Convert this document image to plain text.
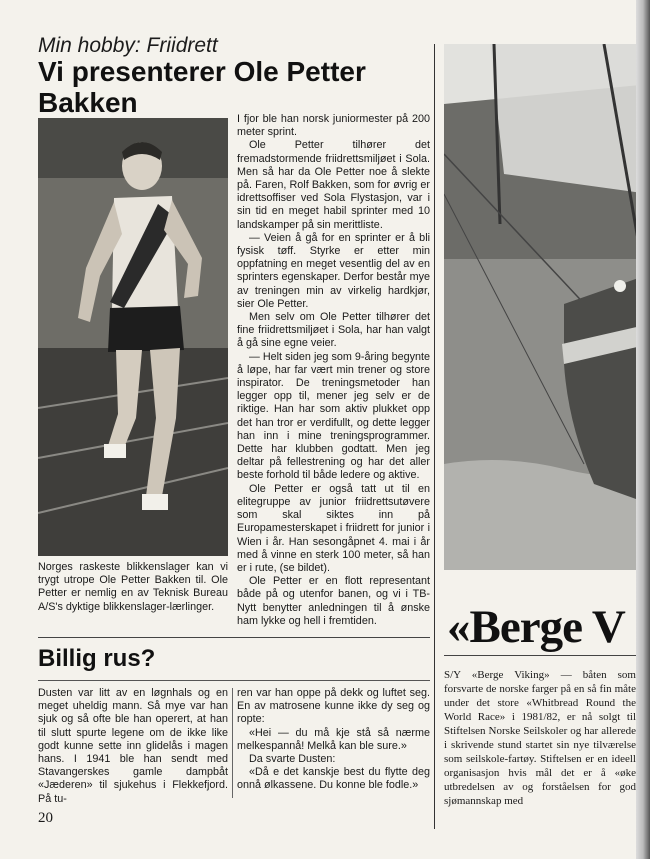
Min hobby: Friidrett
Vi presenterer Ole Petter Bakken
Norges raskeste blikkenslager kan vi trygt utrope Ole Petter Bakken til. Ole Petter er nemlig en av Teknisk Bureau A/S's dyktige blikkenslager-lærlinger.

I fjor ble han norsk juniormester på 200 meter sprint.

Ole Petter tilhører det fremadstormende friidrettsmiljøet i Sola. Men så har da Ole Petter noe å slekte på. Faren, Rolf Bakken, som for øvrig er idrettsoffiser ved Sola Flystasjon, var i sin tid en meget habil sprinter med 10 landskamper på sin merittliste.

— Veien å gå for en sprinter er å bli fysisk tøff. Styrke er etter min oppfatning en meget vesentlig del av en sprinters egenskaper. Derfor består mye av treningen min av virkelig hardkjør, sier Ole Petter.

Men selv om Ole Petter tilhører det fine friidrettsmiljøet i Sola, har han valgt å gå sine egne veier.

— Helt siden jeg som 9-åring begynte å løpe, har far vært min trener og store inspirator. De treningsmetoder han legger opp til, mener jeg selv er de riktige. Han har som aktiv plukket opp det han tror er verdifullt, og dette legger han inn i mine treningsprogrammer. Dette har klubben godtatt. Men jeg deltar på fellestrening og har det aller beste forhold til både ledere og aktive.

Ole Petter er også tatt ut til en elitegruppe av junior friidrettsutøvere som skal siktes inn på Europamesterskapet i friidrett for junior i Wien i år. Han sesongåpnet 4. mai i år med å vinne en sterk 100 meter, så han er i rute, (se bildet).

Ole Petter er en flott representant både på og utenfor banen, og vi i TB-Nytt benytter anledningen til å ønske ham lykke og hell i fremtiden.

Billig rus?

Dusten var litt av en løgnhals og en meget uheldig mann. Så mye var han sjuk og så ofte ble han operert, at han til slutt spurte legene om de ikke like godt kunne sette inn glidelås i magen hans. I 1941 ble han sendt med Stavangerskes gamle dampbåt «Jæderen» til sjukehus i Flekkefjord. På tu-

ren var han oppe på dekk og luftet seg. En av matrosene kunne ikke dy seg og ropte:

«Hei — du må kje stå så nærme melkespannå! Melkå kan ble sure.»

Da svarte Dusten:

«Då e det kanskje best du flytte deg onnå ølkassene. Du konne ble fodle.»

20
«Berge V

S/Y «Berge Viking» — båten som forsvarte de norske farger på en så fin måte under det store «Whitbread Round the World Race» i 1981/82, er nå solgt til Stiftelsen Norske Seilskoler og har allerede i skrivende stund startet sin nye tilværelse som seilskole-fartøy. Stiftelsen er en ideell organisasjon hvis mål det er å «øke utbredelsen av og forståelsen for god sjømannskap med
